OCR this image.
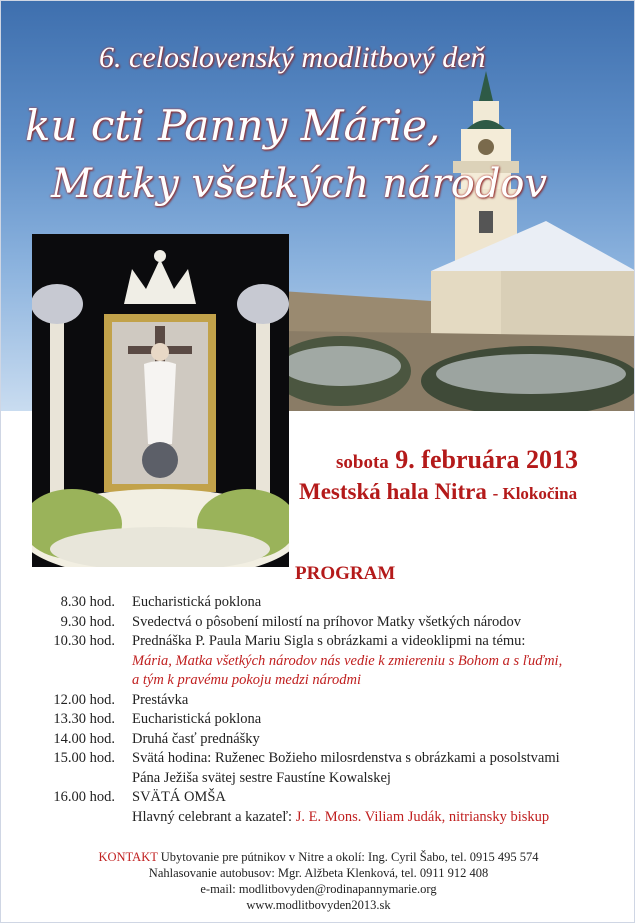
6. celoslovenský modlitbový deň
ku cti Panny Márie,
Matky všetkých národov
sobota 9. februára 2013
Mestská hala Nitra - Klokočina
PROGRAM
8.30 hod.	Eucharistická poklona
9.30 hod.	Svedectvá o pôsobení milostí na príhovor Matky všetkých národov
10.30 hod.	Prednáška P. Paula Mariu Sigla s obrázkami a videoklipmi na tému:
Mária, Matka všetkých národov nás vedie k zmiereniu s Bohom a s ľuďmi,
a tým k pravému pokoju medzi národmi
12.00 hod.	Prestávka
13.30 hod.	Eucharistická poklona
14.00 hod.	Druhá časť prednášky
15.00 hod.	Svätá hodina: Ruženec Božieho milosrdenstva s obrázkami a posolstvami
Pána Ježiša svätej sestre Faustíne Kowalskej
16.00 hod.	SVÄTÁ OMŠA
Hlavný celebrant a kazateľ: J. E. Mons. Viliam Judák, nitriansky biskup
KONTAKT Ubytovanie pre pútnikov v Nitre a okolí: Ing. Cyril Šabo, tel. 0915 495 574
Nahlasovanie autobusov: Mgr. Alžbeta Klenková, tel. 0911 912 408
e-mail: modlitbovyden@rodinapannymarie.org
www.modlitbovyden2013.sk
